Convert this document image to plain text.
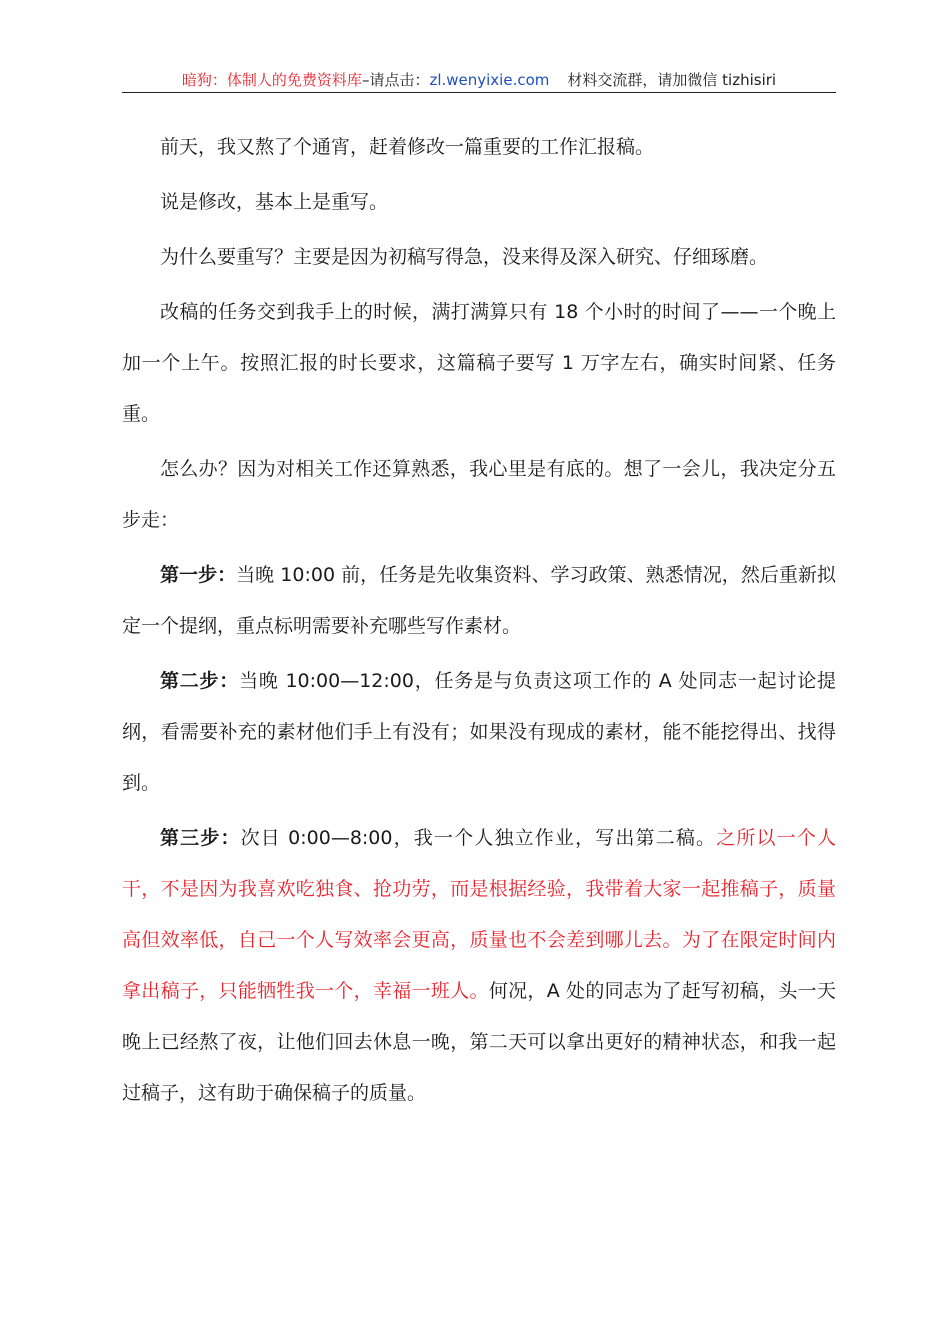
暗狗：体制人的免费资料库–请点击：zl.wenyixie.com 材料交流群，请加微信 tizhisiri

前天，我又熬了个通宵，赶着修改一篇重要的工作汇报稿。

说是修改，基本上是重写。

为什么要重写？主要是因为初稿写得急，没来得及深入研究、仔细琢磨。

改稿的任务交到我手上的时候，满打满算只有 18 个小时的时间了——一个晚上加一个上午。按照汇报的时长要求，这篇稿子要写 1 万字左右，确实时间紧、任务重。

怎么办？因为对相关工作还算熟悉，我心里是有底的。想了一会儿，我决定分五步走：

第一步：当晚 10:00 前，任务是先收集资料、学习政策、熟悉情况，然后重新拟定一个提纲，重点标明需要补充哪些写作素材。

第二步：当晚 10:00—12:00，任务是与负责这项工作的 A 处同志一起讨论提纲，看需要补充的素材他们手上有没有；如果没有现成的素材，能不能挖得出、找得到。

第三步：次日 0:00—8:00，我一个人独立作业，写出第二稿。之所以一个人干，不是因为我喜欢吃独食、抢功劳，而是根据经验，我带着大家一起推稿子，质量高但效率低，自己一个人写效率会更高，质量也不会差到哪儿去。为了在限定时间内拿出稿子，只能牺牲我一个，幸福一班人。何况，A 处的同志为了赶写初稿，头一天晚上已经熬了夜，让他们回去休息一晚，第二天可以拿出更好的精神状态，和我一起过稿子，这有助于确保稿子的质量。
